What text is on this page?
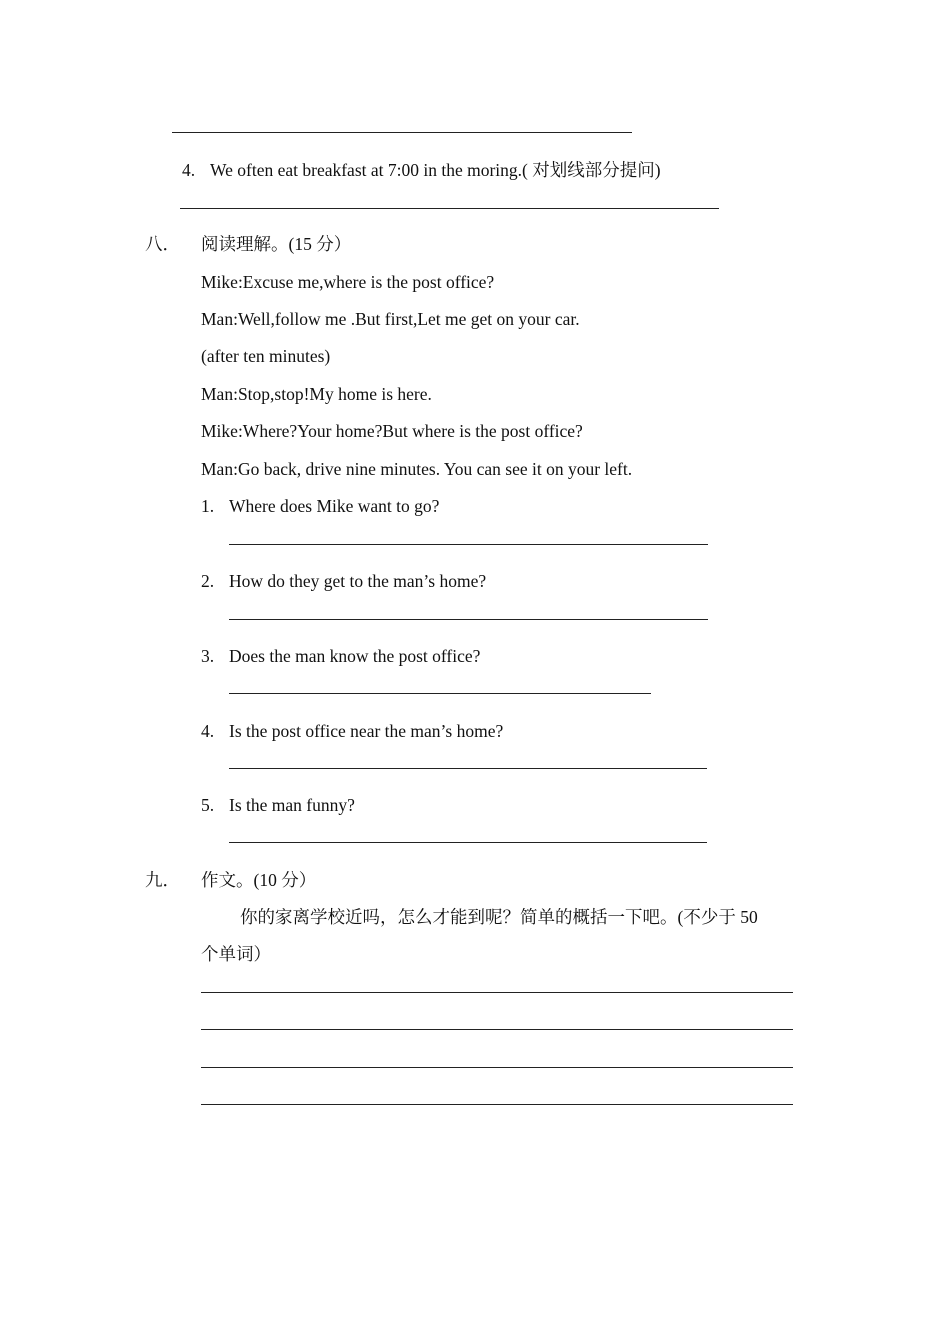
4. We often eat breakfast at 7:00 in the moring.( 对划线部分提问)
八． 阅读理解。(15 分）
Mike:Excuse me,where is the post office?
Man:Well,follow me .But first,Let me get on your car.
(after ten minutes)
Man:Stop,stop!My home is here.
Mike:Where?Your home?But where is the post office?
Man:Go back, drive nine minutes. You can see it on your left.
1. Where does Mike want to go?
2. How do they get to the man’s home?
3. Does the man know the post office?
4. Is the post office near the man’s home?
5. Is the man funny?
九． 作文。(10 分）
你的家离学校近吗，怎么才能到呢？简单的概括一下吧。(不少于 50
个单词）
